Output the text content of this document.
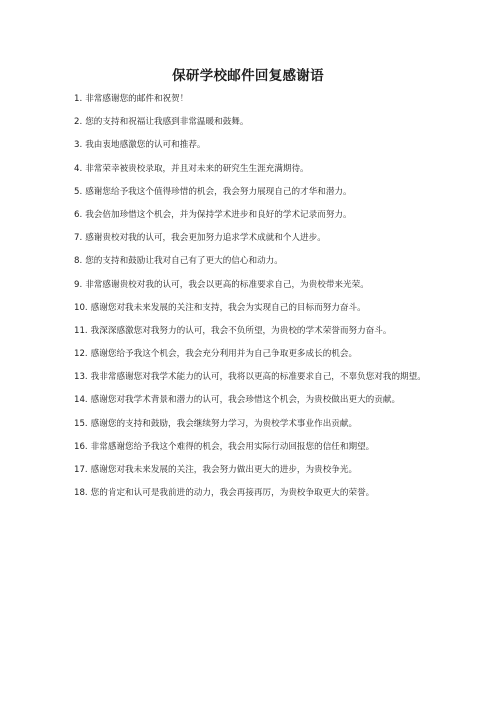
保研学校邮件回复感谢语
1. 非常感谢您的邮件和祝贺！
2. 您的支持和祝福让我感到非常温暖和鼓舞。
3. 我由衷地感激您的认可和推荐。
4. 非常荣幸被贵校录取，并且对未来的研究生生涯充满期待。
5. 感谢您给予我这个值得珍惜的机会，我会努力展现自己的才华和潜力。
6. 我会倍加珍惜这个机会，并为保持学术进步和良好的学术记录而努力。
7. 感谢贵校对我的认可，我会更加努力追求学术成就和个人进步。
8. 您的支持和鼓励让我对自己有了更大的信心和动力。
9. 非常感谢贵校对我的认可，我会以更高的标准要求自己，为贵校带来光荣。
10. 感谢您对我未来发展的关注和支持，我会为实现自己的目标而努力奋斗。
11. 我深深感激您对我努力的认可，我会不负所望，为贵校的学术荣誉而努力奋斗。
12. 感谢您给予我这个机会，我会充分利用并为自己争取更多成长的机会。
13. 我非常感谢您对我学术能力的认可，我将以更高的标准要求自己，不辜负您对我的期望。
14. 感谢您对我学术背景和潜力的认可，我会珍惜这个机会，为贵校做出更大的贡献。
15. 感谢您的支持和鼓励，我会继续努力学习，为贵校学术事业作出贡献。
16. 非常感谢您给予我这个难得的机会，我会用实际行动回报您的信任和期望。
17. 感谢您对我未来发展的关注，我会努力做出更大的进步，为贵校争光。
18. 您的肯定和认可是我前进的动力，我会再接再厉，为贵校争取更大的荣誉。
